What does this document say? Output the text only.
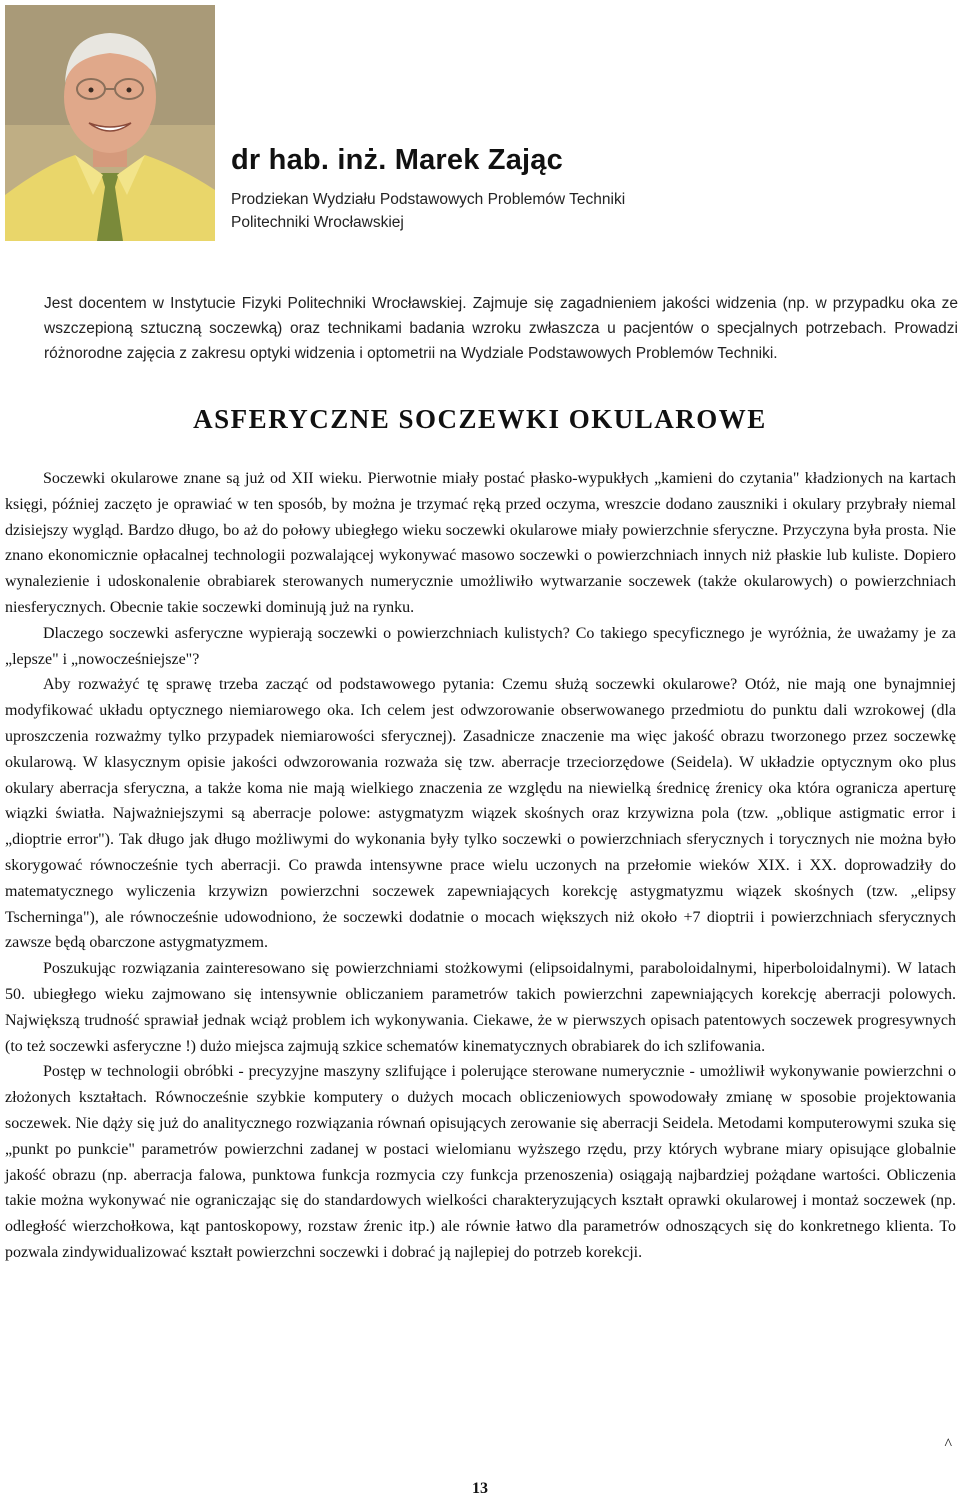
dr hab. inż. Marek Zając
Prodziekan Wydziału Podstawowych Problemów Techniki
Politechniki Wrocławskiej

Jest docentem w Instytucie Fizyki Politechniki Wrocławskiej. Zajmuje się zagadnieniem jakości widzenia (np. w przypadku oka ze wszczepioną sztuczną soczewką) oraz technikami badania wzroku zwłaszcza u pacjentów o specjalnych potrzebach. Prowadzi różnorodne zajęcia z zakresu optyki widzenia i optometrii na Wydziale Podstawowych Problemów Techniki.

ASFERYCZNE SOCZEWKI OKULAROWE

Soczewki okularowe znane są już od XII wieku. Pierwotnie miały postać płasko-wypukłych „kamieni do czytania" kładzionych na kartach księgi, później zaczęto je oprawiać w ten sposób, by można je trzymać ręką przed oczyma, wreszcie dodano zauszniki i okulary przybrały niemal dzisiejszy wygląd. Bardzo długo, bo aż do połowy ubiegłego wieku soczewki okularowe miały powierzchnie sferyczne. Przyczyna była prosta. Nie znano ekonomicznie opłacalnej technologii pozwalającej wykonywać masowo soczewki o powierzchniach innych niż płaskie lub kuliste. Dopiero wynalezienie i udoskonalenie obrabiarek sterowanych numerycznie umożliwiło wytwarzanie soczewek (także okularowych) o powierzchniach niesferycznych. Obecnie takie soczewki dominują już na rynku.

Dlaczego soczewki asferyczne wypierają soczewki o powierzchniach kulistych? Co takiego specyficznego je wyróżnia, że uważamy je za „lepsze" i „nowocześniejsze"?

Aby rozważyć tę sprawę trzeba zacząć od podstawowego pytania: Czemu służą soczewki okularowe? Otóż, nie mają one bynajmniej modyfikować układu optycznego niemiarowego oka. Ich celem jest odwzorowanie obserwowanego przedmiotu do punktu dali wzrokowej (dla uproszczenia rozważmy tylko przypadek niemiarowości sferycznej). Zasadnicze znaczenie ma więc jakość obrazu tworzonego przez soczewkę okularową. W klasycznym opisie jakości odwzorowania rozważa się tzw. aberracje trzeciorzędowe (Seidela). W układzie optycznym oko plus okulary aberracja sferyczna, a także koma nie mają wielkiego znaczenia ze względu na niewielką średnicę źrenicy oka która ogranicza aperturę wiązki światła. Najważniejszymi są aberracje polowe: astygmatyzm wiązek skośnych oraz krzywizna pola (tzw. „oblique astigmatic error i „dioptrie error"). Tak długo jak długo możliwymi do wykonania były tylko soczewki o powierzchniach sferycznych i torycznych nie można było skorygować równocześnie tych aberracji. Co prawda intensywne prace wielu uczonych na przełomie wieków XIX. i XX. doprowadziły do matematycznego wyliczenia krzywizn powierzchni soczewek zapewniających korekcję astygmatyzmu wiązek skośnych (tzw. „elipsy Tscherninga"), ale równocześnie udowodniono, że soczewki dodatnie o mocach większych niż około +7 dioptrii i powierzchniach sferycznych zawsze będą obarczone astygmatyzmem.

Poszukując rozwiązania zainteresowano się powierzchniami stożkowymi (elipsoidalnymi, paraboloidalnymi, hiperboloidalnymi). W latach 50. ubiegłego wieku zajmowano się intensywnie obliczaniem parametrów takich powierzchni zapewniających korekcję aberracji polowych. Największą trudność sprawiał jednak wciąż problem ich wykonywania. Ciekawe, że w pierwszych opisach patentowych soczewek progresywnych (to też soczewki asferyczne !) dużo miejsca zajmują szkice schematów kinematycznych obrabiarek do ich szlifowania.

Postęp w technologii obróbki - precyzyjne maszyny szlifujące i polerujące sterowane numerycznie - umożliwił wykonywanie powierzchni o złożonych kształtach. Równocześnie szybkie komputery o dużych mocach obliczeniowych spowodowały zmianę w sposobie projektowania soczewek. Nie dąży się już do analitycznego rozwiązania równań opisujących zerowanie się aberracji Seidela. Metodami komputerowymi szuka się „punkt po punkcie" parametrów powierzchni zadanej w postaci wielomianu wyższego rzędu, przy których wybrane miary opisujące globalnie jakość obrazu (np. aberracja falowa, punktowa funkcja rozmycia czy funkcja przenoszenia) osiągają najbardziej pożądane wartości. Obliczenia takie można wykonywać nie ograniczając się do standardowych wielkości charakteryzujących kształt oprawki okularowej i montaż soczewek (np. odległość wierzchołkowa, kąt pantoskopowy, rozstaw źrenic itp.) ale równie łatwo dla parametrów odnoszących się do konkretnego klienta. To pozwala zindywidualizować kształt powierzchni soczewki i dobrać ją najlepiej do potrzeb korekcji.

^
13
